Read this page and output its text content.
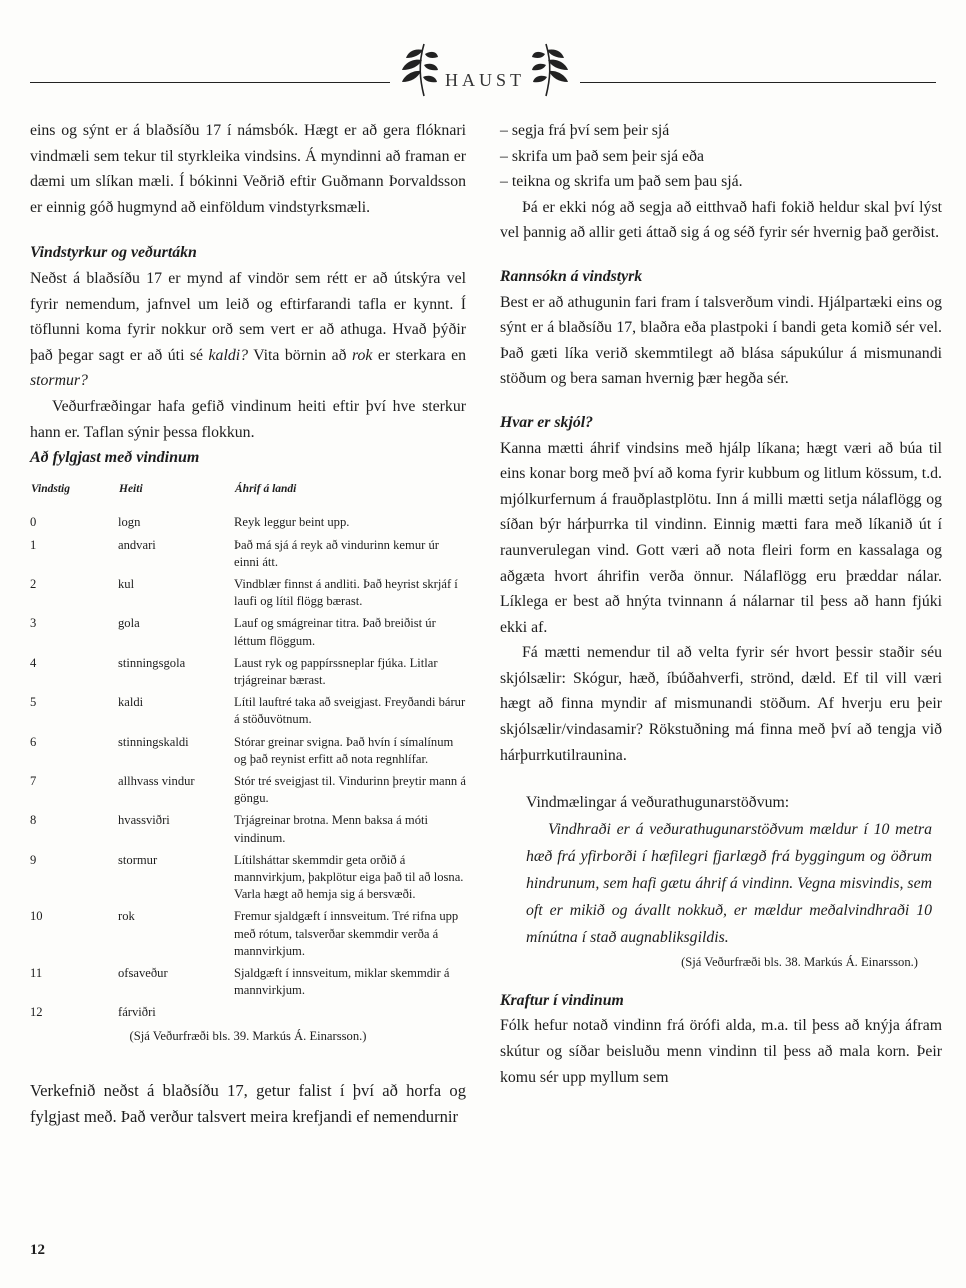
HAUST

eins og sýnt er á blaðsíðu 17 í námsbók. Hægt er að gera flóknari vindmæli sem tekur til styrkleika vindsins. Á myndinni að framan er dæmi um slíkan mæli. Í bókinni Veðrið eftir Guðmann Þorvaldsson er einnig góð hugmynd að einföldum vindstyrksmæli.

Vindstyrkur og veðurtákn

Neðst á blaðsíðu 17 er mynd af vindör sem rétt er að útskýra vel fyrir nemendum, jafnvel um leið og eftirfarandi tafla er kynnt. Í töflunni koma fyrir nokkur orð sem vert er að athuga. Hvað þýðir það þegar sagt er að úti sé kaldi? Vita börnin að rok er sterkara en stormur?

Veðurfræðingar hafa gefið vindinum heiti eftir því hve sterkur hann er. Taflan sýnir þessa flokkun.

Að fylgjast með vindinum
Vindstig	Heiti	Áhrif á landi
0	logn	Reyk leggur beint upp.
1	andvari	Það má sjá á reyk að vindurinn kemur úr einni átt.
2	kul	Vindblær finnst á andliti. Það heyrist skrjáf í laufi og lítil flögg bærast.
3	gola	Lauf og smágreinar titra. Það breiðist úr léttum flöggum.
4	stinningsgola	Laust ryk og pappírssneplar fjúka. Litlar trjágreinar bærast.
5	kaldi	Lítil lauftré taka að sveigjast. Freyðandi bárur á stöðuvötnum.
6	stinningskaldi	Stórar greinar svigna. Það hvín í símalínum og það reynist erfitt að nota regnhlífar.
7	allhvass vindur	Stór tré sveigjast til. Vindurinn þreytir mann á göngu.
8	hvassviðri	Trjágreinar brotna. Menn baksa á móti vindinum.
9	stormur	Lítilsháttar skemmdir geta orðið á mannvirkjum, þakplötur eiga það til að losna. Varla hægt að hemja sig á bersvæði.
10	rok	Fremur sjaldgæft í innsveitum. Tré rifna upp með rótum, talsverðar skemmdir verða á mannvirkjum.
11	ofsaveður	Sjaldgæft í innsveitum, miklar skemmdir á mannvirkjum.
12	fárviðri	
(Sjá Veðurfræði bls. 39. Markús Á. Einarsson.)

Verkefnið neðst á blaðsíðu 17, getur falist í því að horfa og fylgjast með. Það verður talsvert meira krefjandi ef nemendurnir

– segja frá því sem þeir sjá

– skrifa um það sem þeir sjá eða

– teikna og skrifa um það sem þau sjá.

Þá er ekki nóg að segja að eitthvað hafi fokið heldur skal því lýst vel þannig að allir geti áttað sig á og séð fyrir sér hvernig það gerðist.

Rannsókn á vindstyrk

Best er að athugunin fari fram í talsverðum vindi. Hjálpartæki eins og sýnt er á blaðsíðu 17, blaðra eða plastpoki í bandi geta komið sér vel. Það gæti líka verið skemmtilegt að blása sápukúlur á mismunandi stöðum og bera saman hvernig þær hegða sér.

Hvar er skjól?

Kanna mætti áhrif vindsins með hjálp líkana; hægt væri að búa til eins konar borg með því að koma fyrir kubbum og litlum kössum, t.d. mjólkurfernum á frauðplastplötu. Inn á milli mætti setja nálaflögg og síðan býr hárþurrka til vindinn. Einnig mætti fara með líkanið út í raunverulegan vind. Gott væri að nota fleiri form en kassalaga og aðgæta hvort áhrifin verða önnur. Nálaflögg eru þræddar nálar. Líklega er best að hnýta tvinnann á nálarnar til þess að hann fjúki ekki af.

Fá mætti nemendur til að velta fyrir sér hvort þessir staðir séu skjólsælir: Skógur, hæð, íbúðahverfi, strönd, dæld. Ef til vill væri hægt að finna myndir af mismunandi stöðum. Af hverju eru þeir skjólsælir/vindasamir? Rökstuðning má finna með því að tengja við hárþurrkutilraunina.

Vindmælingar á veðurathugunarstöðvum:

Vindhraði er á veðurathugunarstöðvum mældur í 10 metra hæð frá yfirborði í hæfilegri fjarlægð frá byggingum og öðrum hindrunum, sem hafi gætu áhrif á vindinn. Vegna misvindis, sem oft er mikið og ávallt nokkuð, er mældur meðalvindhraði 10 mínútna í stað augnabliksgildis.

(Sjá Veðurfræði bls. 38. Markús Á. Einarsson.)
Kraftur í vindinum

Fólk hefur notað vindinn frá örófi alda, m.a. til þess að knýja áfram skútur og síðar beisluðu menn vindinn til þess að mala korn. Þeir komu sér upp myllum sem

12
